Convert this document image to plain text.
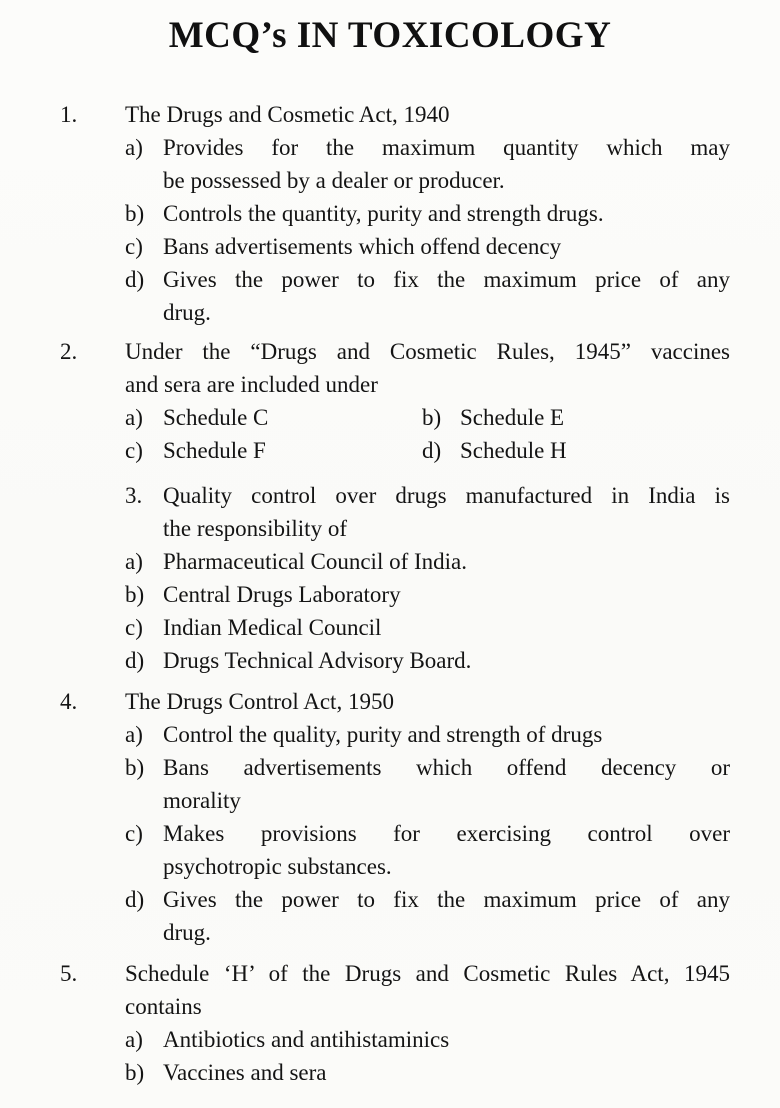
MCQ’s IN TOXICOLOGY
1.	The Drugs and Cosmetic Act, 1940
a) Provides for the maximum quantity which may
be possessed by a dealer or producer.
b) Controls the quantity, purity and strength drugs.
c) Bans advertisements which offend decency
d) Gives the power to fix the maximum price of any
drug.
2.	Under the “Drugs and Cosmetic Rules, 1945” vaccines
and sera are included under
a) Schedule C	b) Schedule E
c) Schedule F	d) Schedule H
3. Quality control over drugs manufactured in India is
the responsibility of
a) Pharmaceutical Council of India.
b) Central Drugs Laboratory
c) Indian Medical Council
d) Drugs Technical Advisory Board.
4.	The Drugs Control Act, 1950
a) Control the quality, purity and strength of drugs
b) Bans advertisements which offend decency or
morality
c) Makes provisions for exercising control over
psychotropic substances.
d) Gives the power to fix the maximum price of any
drug.
5.	Schedule ‘H’ of the Drugs and Cosmetic Rules Act, 1945
contains
a) Antibiotics and antihistaminics
b) Vaccines and sera
